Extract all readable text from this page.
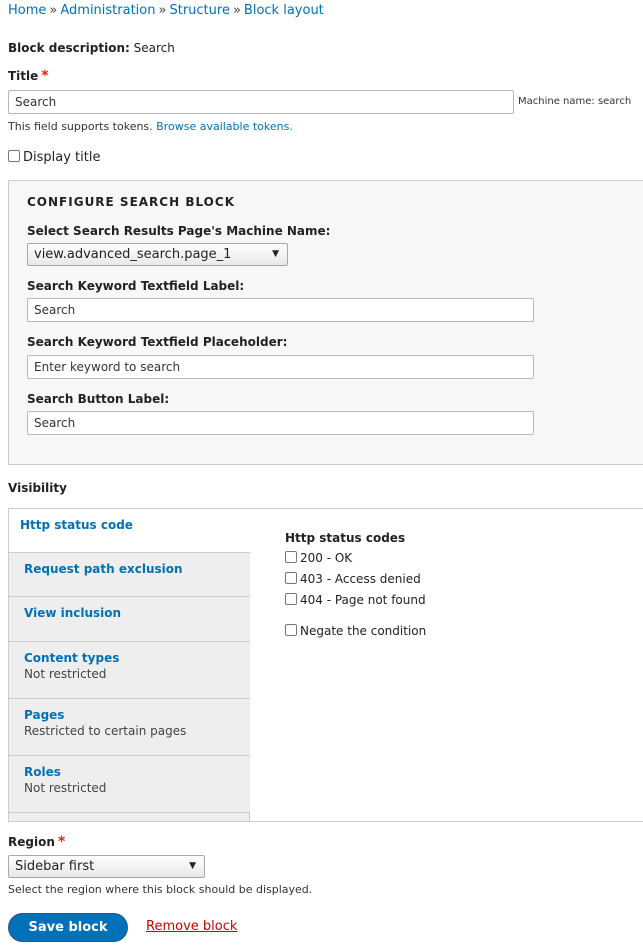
Home » Administration » Structure » Block layout
Block description: Search
Title *
Search
Machine name: search
This field supports tokens. Browse available tokens.
Display title
CONFIGURE SEARCH BLOCK
Select Search Results Page's Machine Name:
view.advanced_search.page_1	▼
Search Keyword Textfield Label:
Search
Search Keyword Textfield Placeholder:
Enter keyword to search
Search Button Label:
Search
Visibility
Http status code
Request path exclusion
View inclusion
Content types
Not restricted
Pages
Restricted to certain pages
Roles
Not restricted
Http status codes
200 - OK
403 - Access denied
404 - Page not found
Negate the condition
Region *
Sidebar first	▼
Select the region where this block should be displayed.
Save block	Remove block
